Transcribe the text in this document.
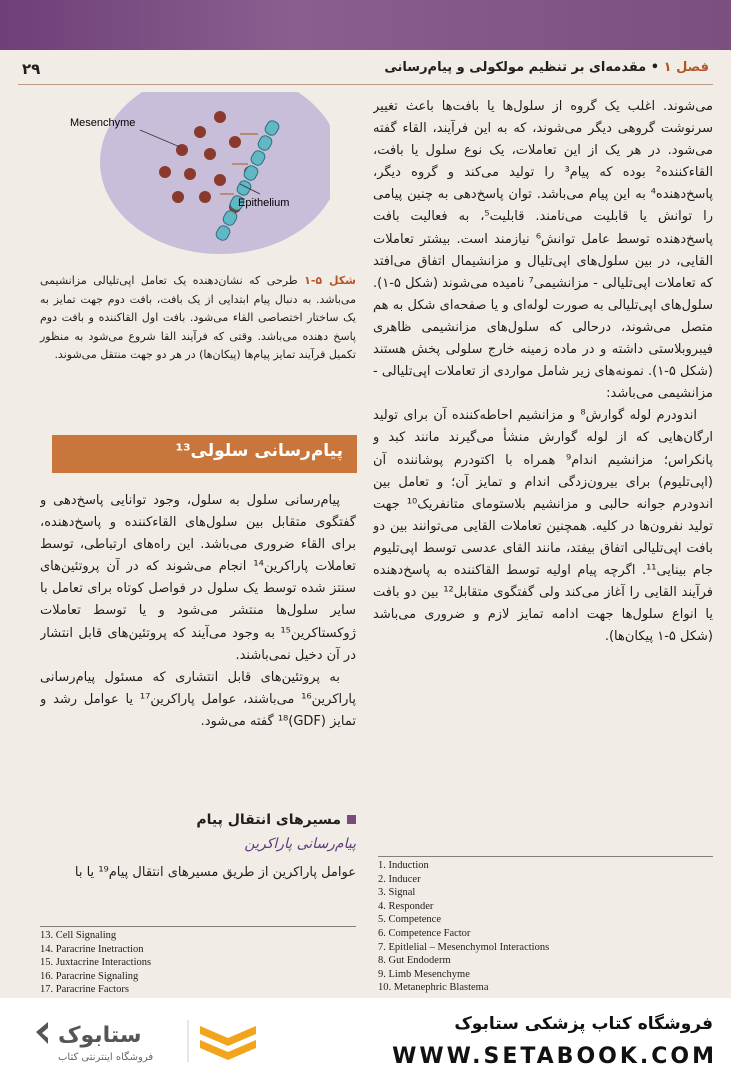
۲۹	فصل ۱ • مقدمه‌ای بر تنظیم مولکولی و پیام‌رسانی
Mesenchyme
Epithelium
شکل ۵-۱ طرحی که نشان‌دهنده یک تعامل اپی‌تلیالی مزانشیمی می‌باشد. به دنبال پیام ابتدایی از یک بافت، بافت دوم جهت تمایز به یک ساختار اختصاصی القاء می‌شود. بافت اول القاکننده و بافت دوم پاسخ دهنده می‌باشد. وقتی که فرآیند القا شروع می‌شود به منظور تکمیل فرآیند تمایز پیام‌ها (پیکان‌ها) در هر دو جهت منتقل می‌شوند.

می‌شوند. اغلب یک گروه از سلول‌ها یا بافت‌ها باعث تغییر سرنوشت گروهی دیگر می‌شوند، که به این فرآیند، القاء گفته می‌شود. در هر یک از این تعاملات، یک نوع سلول یا بافت، القاءکننده² بوده که پیام³ را تولید می‌کند و گروه دیگر، پاسخ‌دهنده⁴ به این پیام می‌باشد. توان پاسخ‌دهی به چنین پیامی را توانش یا قابلیت می‌نامند. قابلیت⁵، به فعالیت بافت پاسخ‌دهنده توسط عامل توانش⁶ نیازمند است. بیشتر تعاملات القایی، در بین سلول‌های اپی‌تلیال و مزانشیمال اتفاق می‌افتد که تعاملات اپی‌تلیالی - مزانشیمی⁷ نامیده می‌شوند (شکل ۵-۱). سلول‌های اپی‌تلیالی به صورت لوله‌ای و یا صفحه‌ای شکل به هم متصل می‌شوند، درحالی که سلول‌های مزانشیمی ظاهری فیبروبلاستی داشته و در ماده زمینه خارج سلولی پخش هستند (شکل ۵-۱). نمونه‌های زیر شامل مواردی از تعاملات اپی‌تلیالی - مزانشیمی می‌باشد:

اندودرم لوله گوارش⁸ و مزانشیم احاطه‌کننده آن برای تولید ارگان‌هایی که از لوله گوارش منشأ می‌گیرند مانند کبد و پانکراس؛ مزانشیم اندام⁹ همراه با اکتودرم پوشاننده آن (اپی‌تلیوم) برای بیرون‌زدگی اندام و تمایز آن؛ و تعامل بین اندودرم جوانه حالبی و مزانشیم بلاستومای متانفریک¹⁰ جهت تولید نفرون‌ها در کلیه. همچنین تعاملات القایی می‌توانند بین دو بافت اپی‌تلیالی اتفاق بیفتد، مانند القای عدسی توسط اپی‌تلیوم جام بینایی¹¹. اگرچه پیام اولیه توسط القاکننده به پاسخ‌دهنده فرآیند القایی را آغاز می‌کند ولی گفتگوی متقابل¹² بین دو بافت یا انواع سلول‌ها جهت ادامه تمایز لازم و ضروری می‌باشد (شکل ۵-۱ پیکان‌ها).

پیام‌رسانی سلولی¹³

پیام‌رسانی سلول به سلول، وجود توانایی پاسخ‌دهی و گفتگوی متقابل بین سلول‌های القاءکننده و پاسخ‌دهنده، برای القاء ضروری می‌باشد. این راه‌های ارتباطی، توسط تعاملات پاراکرین¹⁴ انجام می‌شوند که در آن پروتئین‌های سنتز شده توسط یک سلول در فواصل کوتاه برای تعامل با سایر سلول‌ها منتشر می‌شود و یا توسط تعاملات ژوکستاکرین¹⁵ به وجود می‌آیند که پروتئین‌های قابل انتشار در آن دخیل نمی‌باشند.

به پروتئین‌های قابل انتشاری که مسئول پیام‌رسانی پاراکرین¹⁶ می‌باشند، عوامل پاراکرین¹⁷ یا عوامل رشد و تمایز (GDF)¹⁸ گفته می‌شود.

مسیرهای انتقال پیام
پیام‌رسانی پاراکرین
عوامل پاراکرین از طریق مسیرهای انتقال پیام¹⁹ یا با
13. Cell Signaling
14. Paracrine Inetraction
15. Juxtacrine Interactions
16. Paracrine Signaling
17. Paracrine Factors
1. Induction
2. Inducer
3. Signal
4. Responder
5. Competence
6. Competence Factor
7. Epitlelial – Mesenchymol Interactions
8. Gut Endoderm
9. Limb Mesenchyme
10. Metanephric Blastema
ستابوک
فروشگاه اینترنتی کتاب
فروشگاه کتاب پزشکی ستابوک
WWW.SETABOOK.COM
